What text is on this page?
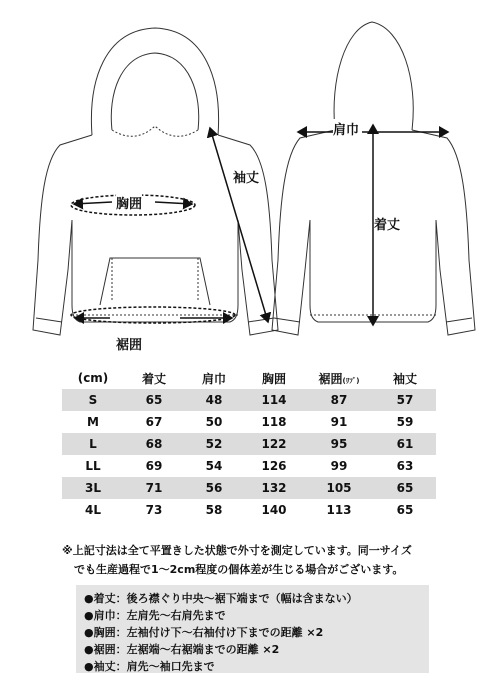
胸囲
裾囲
袖丈
肩巾
着丈
(cm)	着丈	肩巾	胸囲	裾囲(ﾘﾌﾞ)	袖丈
S	65	48	114	87	57
M	67	50	118	91	59
L	68	52	122	95	61
LL	69	54	126	99	63
3L	71	56	132	105	65
4L	73	58	140	113	65
※上記寸法は全て平置きした状態で外寸を測定しています。同一サイズ
でも生産過程で1〜2cm程度の個体差が生じる場合がございます。
●着丈：後ろ襟ぐり中央〜裾下端まで（幅は含まない）
●肩巾：左肩先〜右肩先まで
●胸囲：左袖付け下〜右袖付け下までの距離 ×2
●裾囲：左裾端〜右裾端までの距離 ×2
●袖丈：肩先〜袖口先まで
